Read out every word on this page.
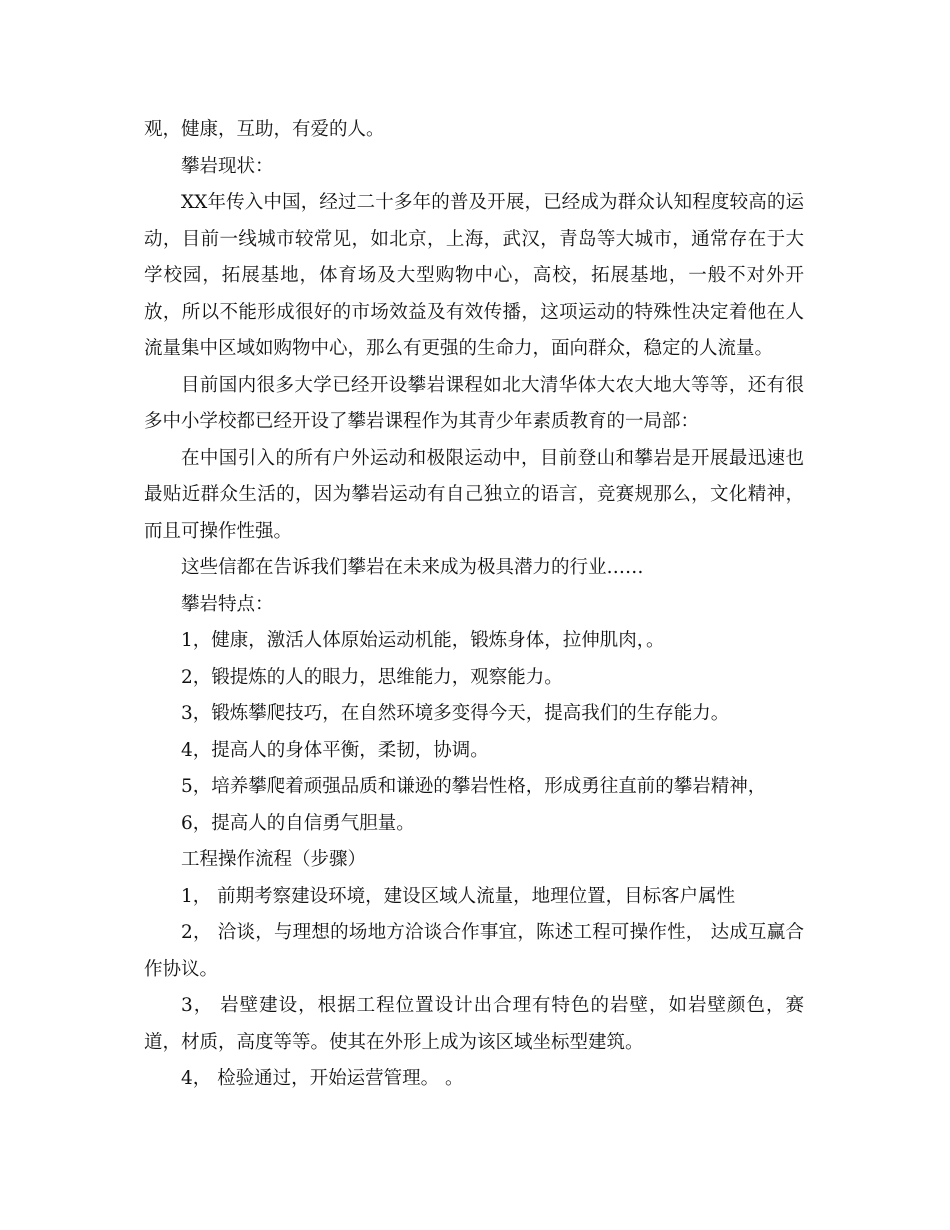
观，健康，互助，有爱的人。

攀岩现状：

XX年传入中国，经过二十多年的普及开展，已经成为群众认知程度较高的运动，目前一线城市较常见，如北京，上海，武汉，青岛等大城市，通常存在于大学校园，拓展基地，体育场及大型购物中心，高校，拓展基地，一般不对外开放，所以不能形成很好的市场效益及有效传播，这项运动的特殊性决定着他在人流量集中区域如购物中心，那么有更强的生命力，面向群众，稳定的人流量。

目前国内很多大学已经开设攀岩课程如北大清华体大农大地大等等，还有很多中小学校都已经开设了攀岩课程作为其青少年素质教育的一局部：

在中国引入的所有户外运动和极限运动中，目前登山和攀岩是开展最迅速也最贴近群众生活的，因为攀岩运动有自己独立的语言，竞赛规那么，文化精神，而且可操作性强。

这些信都在告诉我们攀岩在未来成为极具潜力的行业……

攀岩特点：

1，健康，激活人体原始运动机能，锻炼身体，拉伸肌肉，。

2，锻提炼的人的眼力，思维能力，观察能力。

3，锻炼攀爬技巧，在自然环境多变得今天，提高我们的生存能力。

4，提高人的身体平衡，柔韧，协调。

5，培养攀爬着顽强品质和谦逊的攀岩性格，形成勇往直前的攀岩精神，

6，提高人的自信勇气胆量。

工程操作流程（步骤）

1， 前期考察建设环境，建设区域人流量，地理位置，目标客户属性

2， 洽谈，与理想的场地方洽谈合作事宜，陈述工程可操作性， 达成互赢合作协议。

3， 岩壁建设，根据工程位置设计出合理有特色的岩壁，如岩壁颜色，赛道，材质，高度等等。使其在外形上成为该区域坐标型建筑。

4， 检验通过，开始运营管理。 。
